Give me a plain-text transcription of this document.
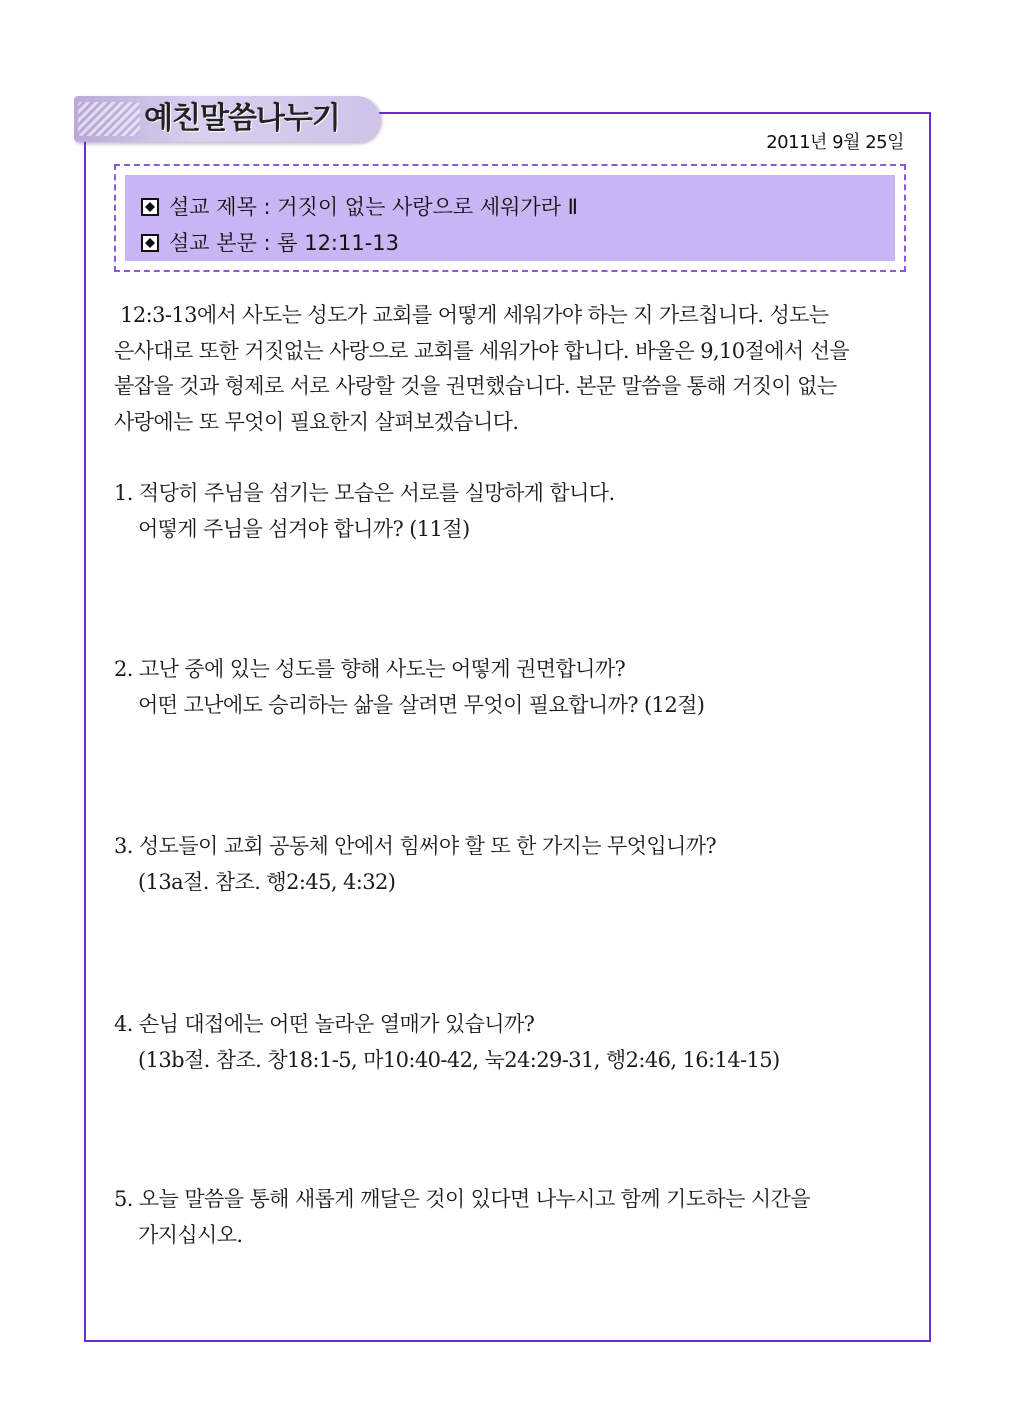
예친말씀나누기
2011년 9월 25일
설교 제목 : 거짓이 없는 사랑으로 세워가라 Ⅱ
설교 본문 : 롬 12:11-13
12:3-13에서 사도는 성도가 교회를 어떻게 세워가야 하는 지 가르칩니다. 성도는
은사대로 또한 거짓없는 사랑으로 교회를 세워가야 합니다. 바울은 9,10절에서 선을
붙잡을 것과 형제로 서로 사랑할 것을 권면했습니다. 본문 말씀을 통해 거짓이 없는
사랑에는 또 무엇이 필요한지 살펴보겠습니다.
1. 적당히 주님을 섬기는 모습은 서로를 실망하게 합니다.
어떻게 주님을 섬겨야 합니까? (11절)
2. 고난 중에 있는 성도를 향해 사도는 어떻게 권면합니까?
어떤 고난에도 승리하는 삶을 살려면 무엇이 필요합니까? (12절)
3. 성도들이 교회 공동체 안에서 힘써야 할 또 한 가지는 무엇입니까?
(13a절. 참조. 행2:45, 4:32)
4. 손님 대접에는 어떤 놀라운 열매가 있습니까?
(13b절. 참조. 창18:1-5, 마10:40-42, 눅24:29-31, 행2:46, 16:14-15)
5. 오늘 말씀을 통해 새롭게 깨달은 것이 있다면 나누시고 함께 기도하는 시간을
가지십시오.
